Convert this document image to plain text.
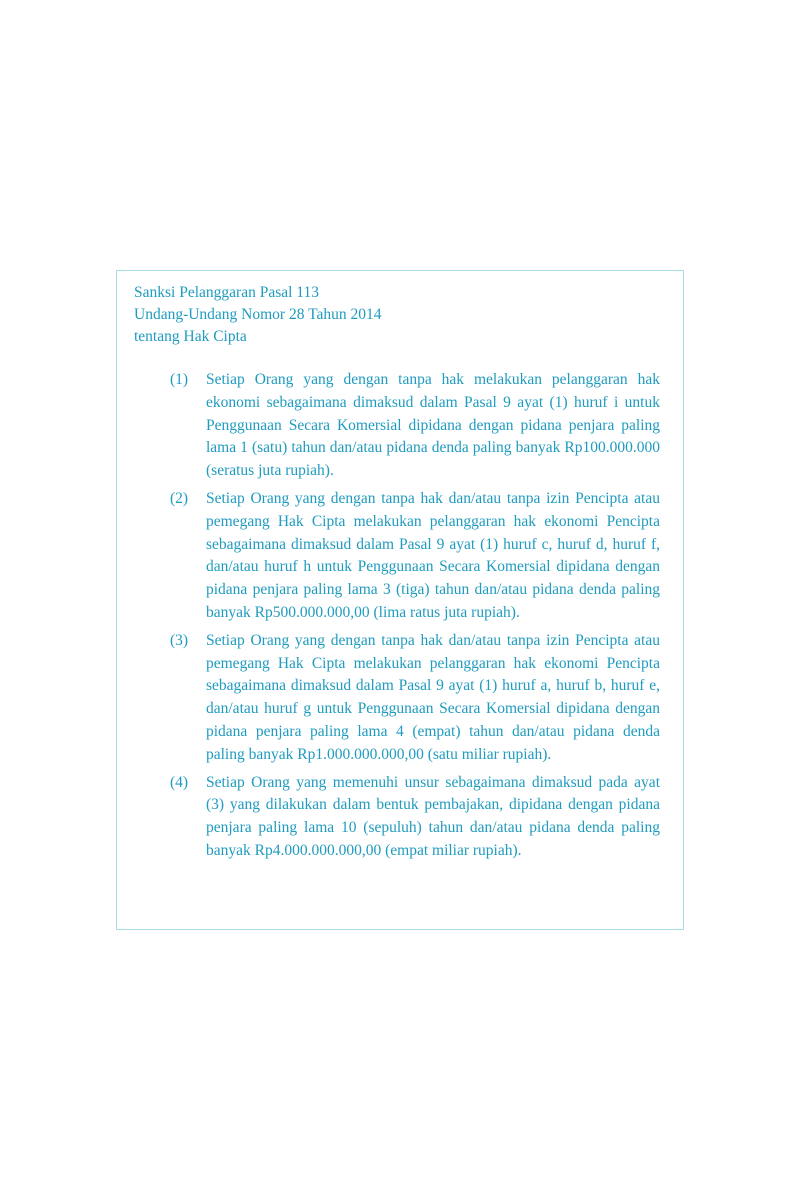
Sanksi Pelanggaran Pasal 113
Undang-Undang Nomor 28 Tahun 2014
tentang Hak Cipta
(1) Setiap Orang yang dengan tanpa hak melakukan pelanggaran hak ekonomi sebagaimana dimaksud dalam Pasal 9 ayat (1) huruf i untuk Penggunaan Secara Komersial dipidana dengan pidana penjara paling lama 1 (satu) tahun dan/atau pidana denda paling banyak Rp100.000.000 (seratus juta rupiah).
(2) Setiap Orang yang dengan tanpa hak dan/atau tanpa izin Pencipta atau pemegang Hak Cipta melakukan pelanggaran hak ekonomi Pencipta sebagaimana dimaksud dalam Pasal 9 ayat (1) huruf c, huruf d, huruf f, dan/atau huruf h untuk Penggunaan Secara Komersial dipidana dengan pidana penjara paling lama 3 (tiga) tahun dan/atau pidana denda paling banyak Rp500.000.000,00 (lima ratus juta rupiah).
(3) Setiap Orang yang dengan tanpa hak dan/atau tanpa izin Pencipta atau pemegang Hak Cipta melakukan pelanggaran hak ekonomi Pencipta sebagaimana dimaksud dalam Pasal 9 ayat (1) huruf a, huruf b, huruf e, dan/atau huruf g untuk Penggunaan Secara Komersial dipidana dengan pidana penjara paling lama 4 (empat) tahun dan/atau pidana denda paling banyak Rp1.000.000.000,00 (satu miliar rupiah).
(4) Setiap Orang yang memenuhi unsur sebagaimana dimaksud pada ayat (3) yang dilakukan dalam bentuk pembajakan, dipidana dengan pidana penjara paling lama 10 (sepuluh) tahun dan/atau pidana denda paling banyak Rp4.000.000.000,00 (empat miliar rupiah).
